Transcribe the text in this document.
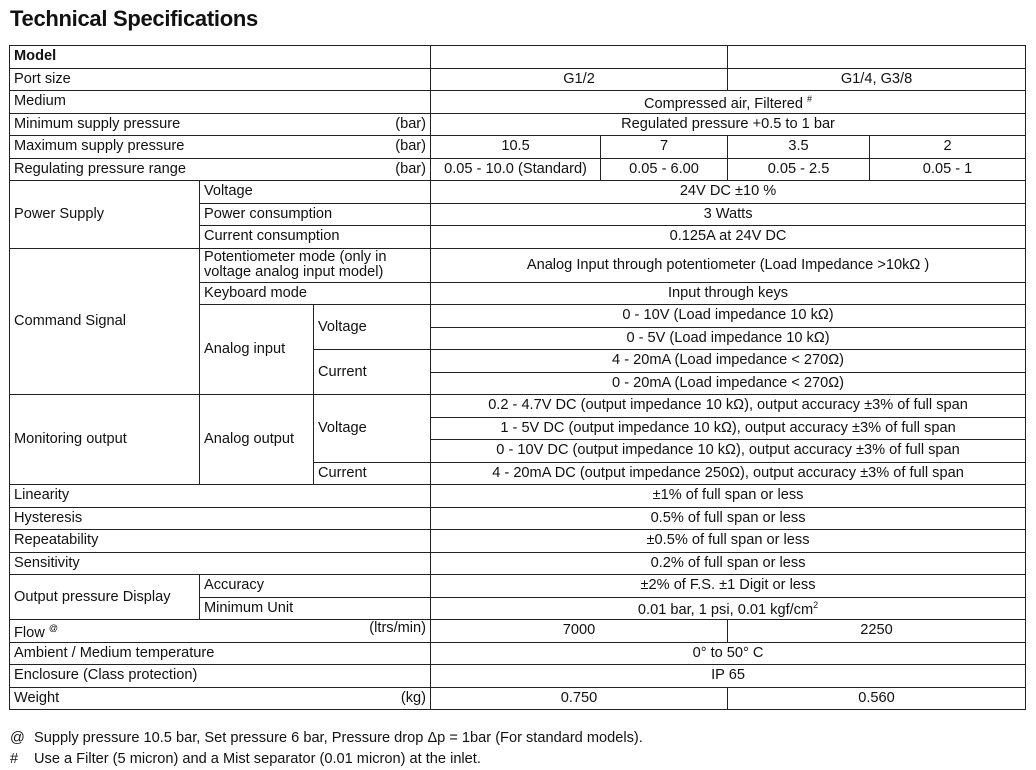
Technical Specifications
Model						
Port size			G1/2		G1/4, G3/8	
Medium			Compressed air, Filtered #

Minimum supply pressure (bar)			Regulated pressure +0.5 to 1 bar			

Maximum supply pressure (bar)			10.5	7	3.5	2

Regulating pressure range (bar)			0.05 - 10.0 (Standard)	0.05 - 6.00	0.05 - 2.5	0.05 - 1
Power Supply	Voltage		24V DC ±10 %			
	Power consumption		3 Watts			
	Current consumption		0.125A at 24V DC			
Command Signal	Potentiometer mode (only in voltage analog input model)		Analog Input through potentiometer (Load Impedance >10kΩ )			
	Keyboard mode		Input through keys			
	Analog input	Voltage	0 - 10V (Load impedance 10 kΩ)			
			0 - 5V (Load impedance 10 kΩ)			
		Current	4 - 20mA (Load impedance < 270Ω)			
			0 - 20mA (Load impedance < 270Ω)			
Monitoring output	Analog output	Voltage	0.2 - 4.7V DC (output impedance 10 kΩ), output accuracy ±3% of full span			
			1 - 5V DC (output impedance 10 kΩ), output accuracy ±3% of full span			
			0 - 10V DC (output impedance 10 kΩ), output accuracy ±3% of full span			
		Current	4 - 20mA DC (output impedance 250Ω), output accuracy ±3% of full span			
Linearity			±1% of full span or less			
Hysteresis			0.5% of full span or less			
Repeatability			±0.5% of full span or less			
Sensitivity			0.2% of full span or less			
Output pressure Display	Accuracy		±2% of F.S. ±1 Digit or less			
	Minimum Unit		0.01 bar, 1 psi, 0.01 kgf/$cm^2$

Flow @ (ltrs/min)			7000		2250	
Ambient / Medium temperature			0° to 50° C			
Enclosure (Class protection)			IP 65			

Weight (kg)			0.750		0.560	
@ Supply pressure 10.5 bar, Set pressure 6 bar, Pressure drop Δp = 1bar (For standard models).
#	Use a Filter (5 micron) and a Mist separator (0.01 micron) at the inlet.
